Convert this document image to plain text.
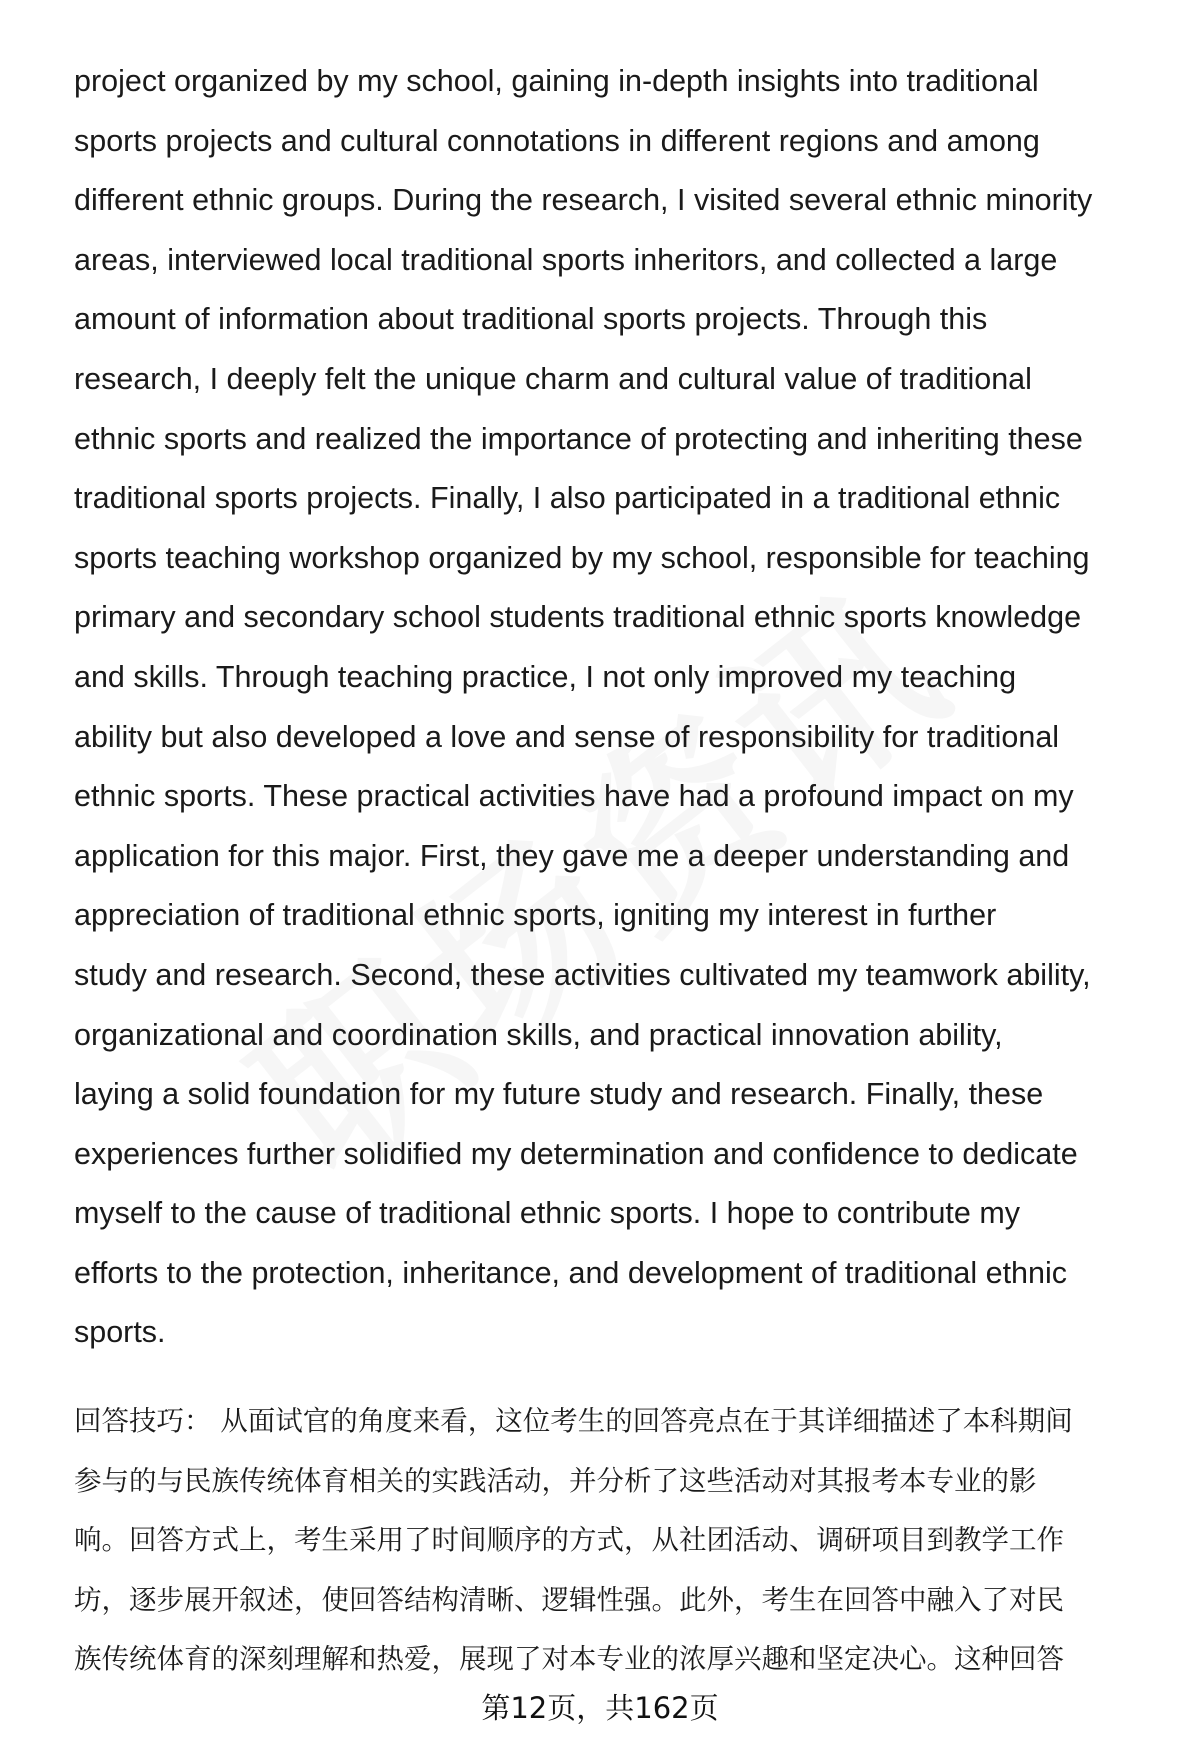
project organized by my school, gaining in-depth insights into traditional
sports projects and cultural connotations in different regions and among
different ethnic groups. During the research, I visited several ethnic minority
areas, interviewed local traditional sports inheritors, and collected a large
amount of information about traditional sports projects. Through this
research, I deeply felt the unique charm and cultural value of traditional
ethnic sports and realized the importance of protecting and inheriting these
traditional sports projects. Finally, I also participated in a traditional ethnic
sports teaching workshop organized by my school, responsible for teaching
primary and secondary school students traditional ethnic sports knowledge
and skills. Through teaching practice, I not only improved my teaching
ability but also developed a love and sense of responsibility for traditional
ethnic sports. These practical activities have had a profound impact on my
application for this major. First, they gave me a deeper understanding and
appreciation of traditional ethnic sports, igniting my interest in further
study and research. Second, these activities cultivated my teamwork ability,
organizational and coordination skills, and practical innovation ability,
laying a solid foundation for my future study and research. Finally, these
experiences further solidified my determination and confidence to dedicate
myself to the cause of traditional ethnic sports. I hope to contribute my
efforts to the protection, inheritance, and development of traditional ethnic
sports.
回答技巧： 从面试官的角度来看，这位考生的回答亮点在于其详细描述了本科期间
参与的与民族传统体育相关的实践活动，并分析了这些活动对其报考本专业的影
响。回答方式上，考生采用了时间顺序的方式，从社团活动、调研项目到教学工作
坊，逐步展开叙述，使回答结构清晰、逻辑性强。此外，考生在回答中融入了对民
族传统体育的深刻理解和热爱，展现了对本专业的浓厚兴趣和坚定决心。这种回答
第12页，共162页
